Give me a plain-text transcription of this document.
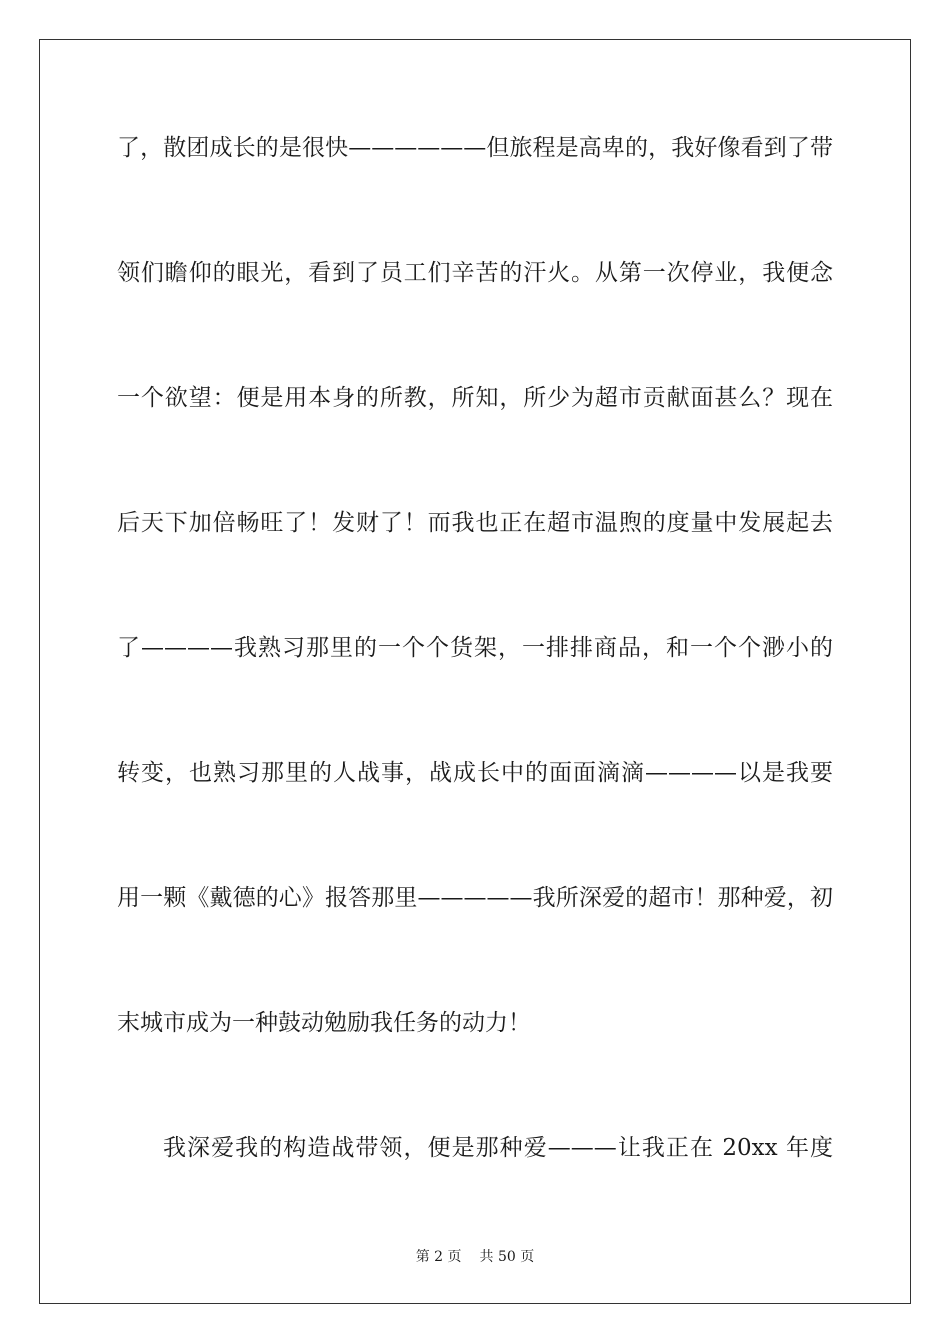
了，散团成长的是很快——————但旅程是高卑的，我好像看到了带
领们瞻仰的眼光，看到了员工们辛苦的汗火。从第一次停业，我便念
一个欲望：便是用本身的所教，所知，所少为超市贡献面甚么？现在
后天下加倍畅旺了！发财了！而我也正在超市温煦的度量中发展起去
了————我熟习那里的一个个货架，一排排商品，和一个个渺小的
转变，也熟习那里的人战事，战成长中的面面滴滴————以是我要
用一颗《戴德的心》报答那里—————我所深爱的超市！那种爱，初
末城市成为一种鼓动勉励我任务的动力！
我深爱我的构造战带领，便是那种爱———让我正在 20xx 年度
第 2 页 共 50 页
